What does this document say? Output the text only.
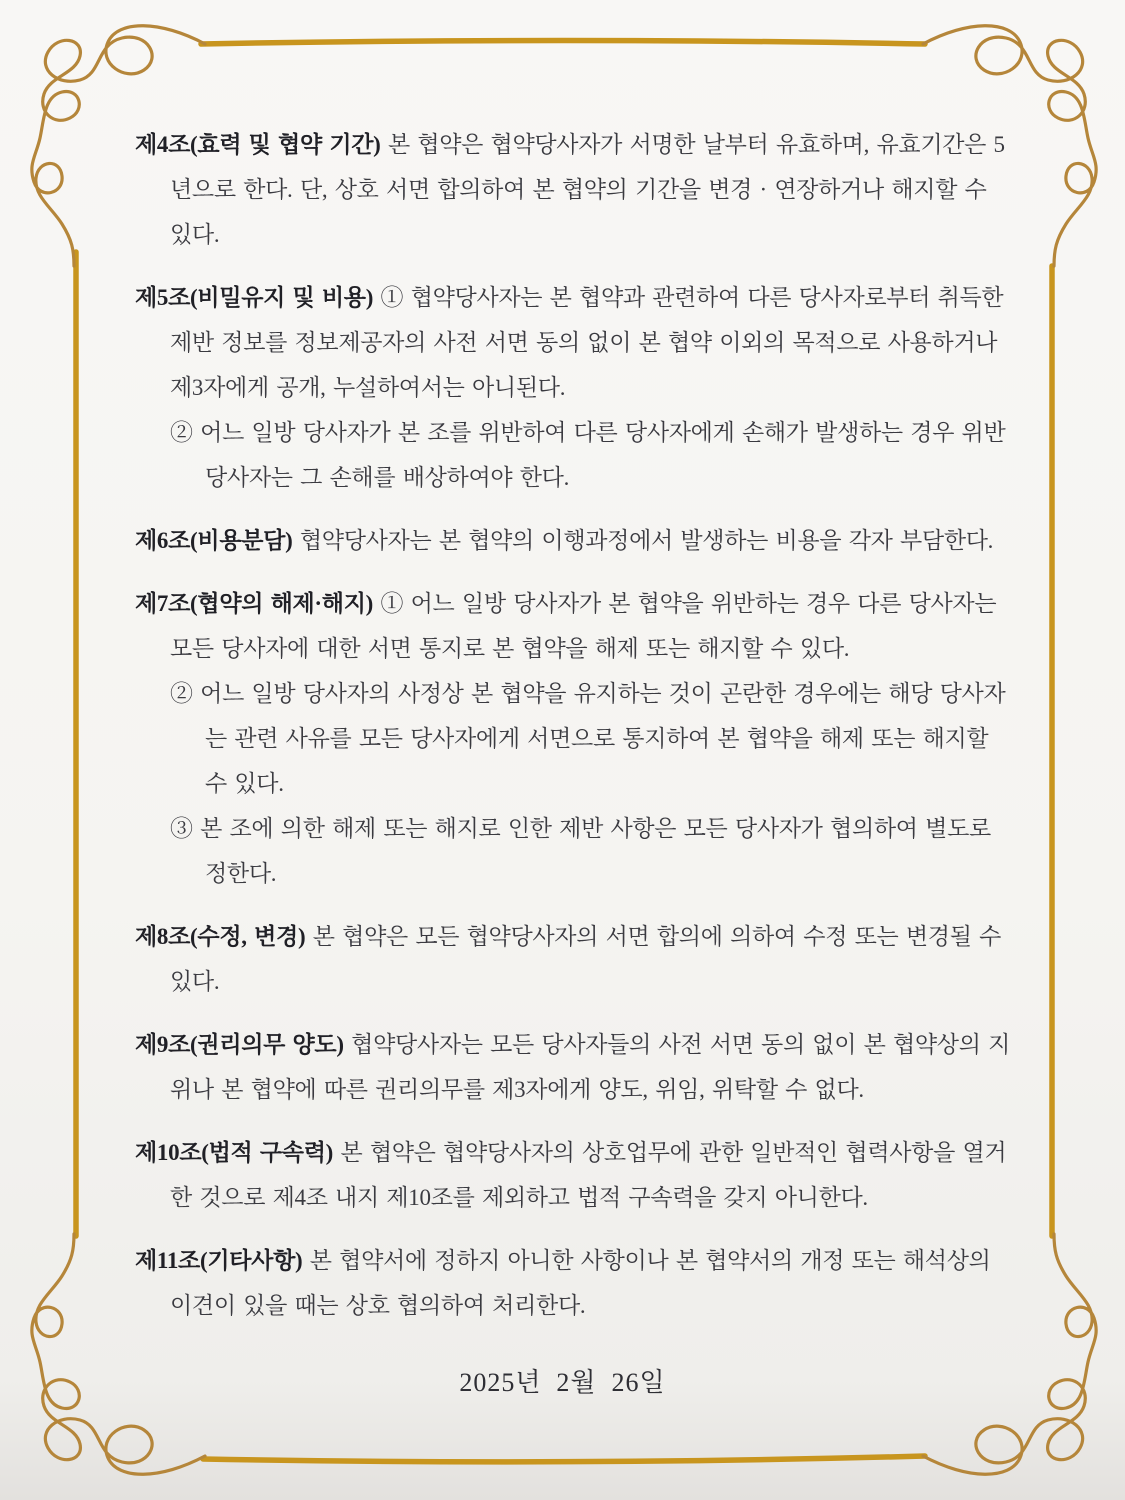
제4조(효력 및 협약 기간) 본 협약은 협약당사자가 서명한 날부터 유효하며, 유효기간은 5년으로 한다. 단, 상호 서면 합의하여 본 협약의 기간을 변경 · 연장하거나 해지할 수 있다.

제5조(비밀유지 및 비용) ① 협약당사자는 본 협약과 관련하여 다른 당사자로부터 취득한 제반 정보를 정보제공자의 사전 서면 동의 없이 본 협약 이외의 목적으로 사용하거나 제3자에게 공개, 누설하여서는 아니된다.

② 어느 일방 당사자가 본 조를 위반하여 다른 당사자에게 손해가 발생하는 경우 위반 당사자는 그 손해를 배상하여야 한다.

제6조(비용분담) 협약당사자는 본 협약의 이행과정에서 발생하는 비용을 각자 부담한다.

제7조(협약의 해제·해지) ① 어느 일방 당사자가 본 협약을 위반하는 경우 다른 당사자는 모든 당사자에 대한 서면 통지로 본 협약을 해제 또는 해지할 수 있다.

② 어느 일방 당사자의 사정상 본 협약을 유지하는 것이 곤란한 경우에는 해당 당사자는 관련 사유를 모든 당사자에게 서면으로 통지하여 본 협약을 해제 또는 해지할 수 있다.

③ 본 조에 의한 해제 또는 해지로 인한 제반 사항은 모든 당사자가 협의하여 별도로 정한다.

제8조(수정, 변경) 본 협약은 모든 협약당사자의 서면 합의에 의하여 수정 또는 변경될 수 있다.

제9조(권리의무 양도) 협약당사자는 모든 당사자들의 사전 서면 동의 없이 본 협약상의 지위나 본 협약에 따른 권리의무를 제3자에게 양도, 위임, 위탁할 수 없다.

제10조(법적 구속력) 본 협약은 협약당사자의 상호업무에 관한 일반적인 협력사항을 열거한 것으로 제4조 내지 제10조를 제외하고 법적 구속력을 갖지 아니한다.

제11조(기타사항) 본 협약서에 정하지 아니한 사항이나 본 협약서의 개정 또는 해석상의 이견이 있을 때는 상호 협의하여 처리한다.

2025년  2월  26일
